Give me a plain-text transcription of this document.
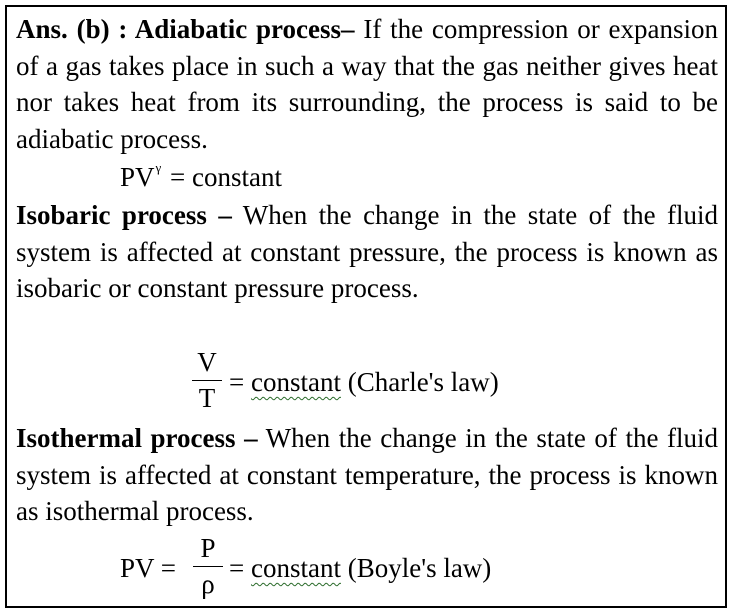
Ans. (b) : Adiabatic process– If the compression or expansion of a gas takes place in such a way that the gas neither gives heat nor takes heat from its surrounding, the process is said to be adiabatic process.

$PV^\gamma$ = constant

Isobaric process – When the change in the state of the fluid system is affected at constant pressure, the process is known as isobaric or constant pressure process.

V
T
= constant (Charle's law)

Isothermal process – When the change in the state of the fluid system is affected at constant temperature, the process is known as isothermal process.

PV =
P
ρ
= constant (Boyle's law)
